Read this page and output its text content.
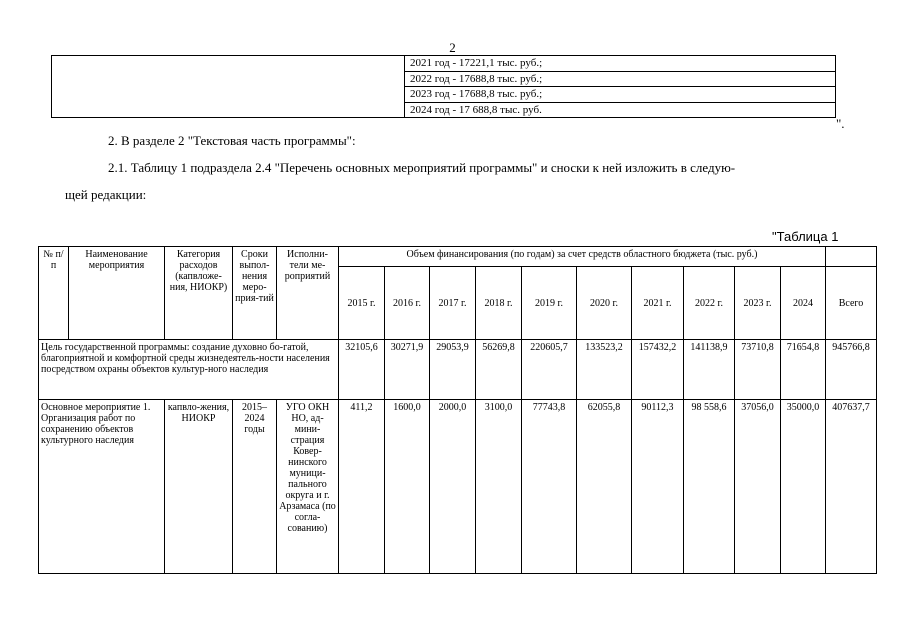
2

2021 год - 17221,1 тыс. руб.;
2022 год - 17688,8 тыс. руб.;
2023 год - 17688,8 тыс. руб.;
2024 год - 17 688,8 тыс. руб.
".
2. В разделе 2 "Текстовая часть программы":
2.1. Таблицу 1 подраздела 2.4 "Перечень основных мероприятий программы" и сноски к ней изложить в следую-
щей редакции:
"Таблица 1
№ п/п	Наименование мероприятия	Категория расходов (капвложе-ния, НИОКР)	Сроки выпол-нения меро-прия-тий	Исполни-тели ме-роприятий	Объем финансирования (по годам) за счет средств областного бюджета (тыс. руб.)										
					2015 г.	2016 г.	2017 г.	2018 г.	2019 г.	2020 г.	2021 г.	2022 г.	2023 г.	2024	Всего
Цель государственной программы: создание духовно бо-гатой, благоприятной и комфортной среды жизнедеятель-ности населения посредством охраны объектов культур-ного наследия					32105,6	30271,9	29053,9	56269,8	220605,7	133523,2	157432,2	141138,9	73710,8	71654,8	945766,8
Основное мероприятие 1. Организация работ по сохранению объектов культурного наследия		капвло-жения, НИОКР	2015–2024 годы	УГО ОКН НО, ад-мини-страция Ковер-нинского муници-пального округа и г. Арзамаса (по согла-сованию)	411,2	1600,0	2000,0	3100,0	77743,8	62055,8	90112,3	98 558,6	37056,0	35000,0	407637,7
